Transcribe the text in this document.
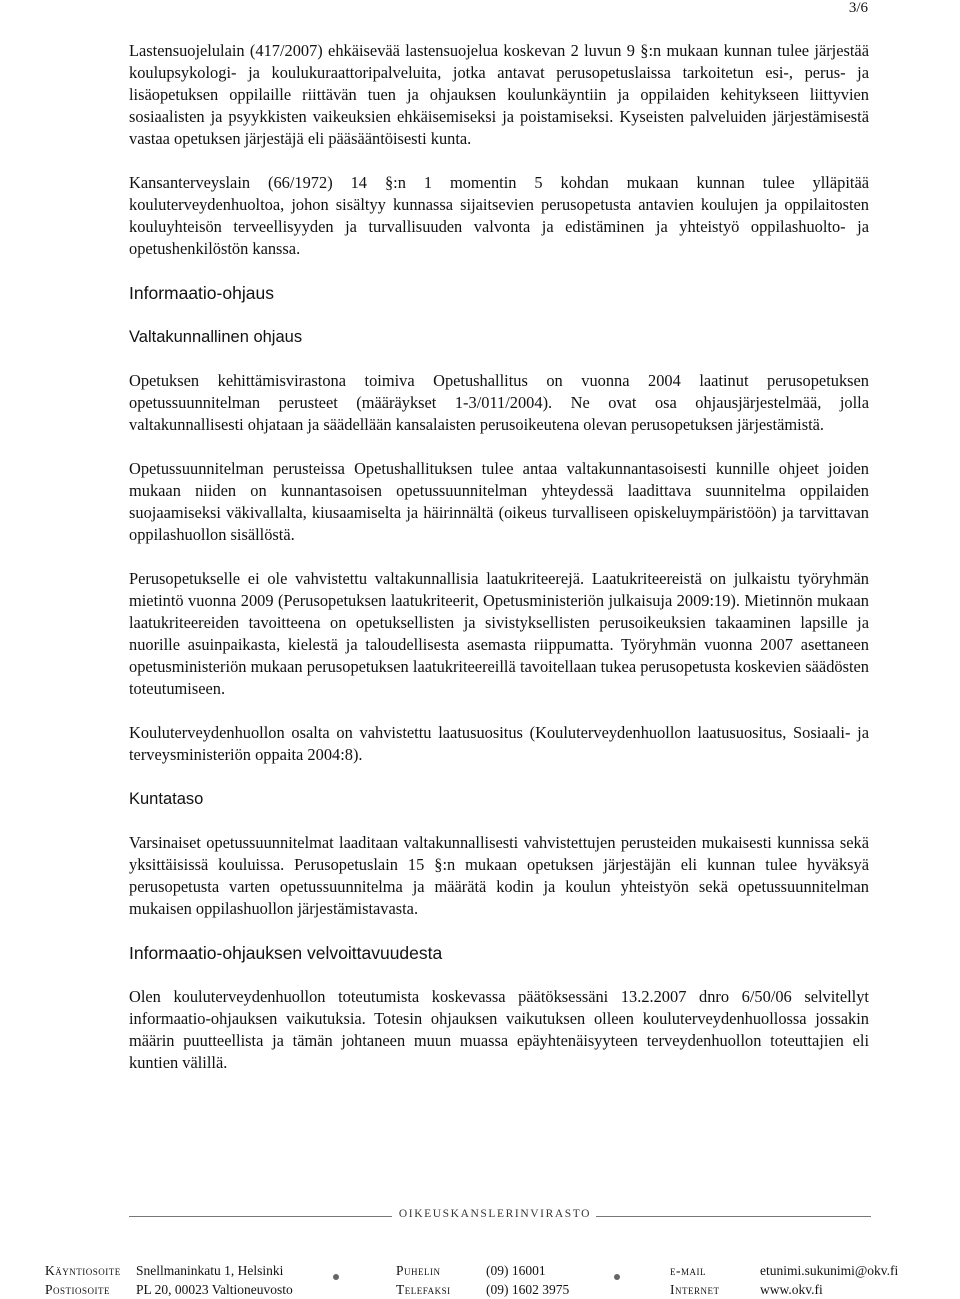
3/6

Lastensuojelulain (417/2007) ehkäisevää lastensuojelua koskevan 2 luvun 9 §:n mukaan kunnan tulee järjestää koulupsykologi- ja koulukuraattoripalveluita, jotka antavat perusopetuslaissa tarkoitetun esi-, perus- ja lisäopetuksen oppilaille riittävän tuen ja ohjauksen koulunkäyntiin ja oppilaiden kehitykseen liittyvien sosiaalisten ja psyykkisten vaikeuksien ehkäisemiseksi ja poistamiseksi. Kyseisten palveluiden järjestämisestä vastaa opetuksen järjestäjä eli pääsääntöisesti kunta.

Kansanterveyslain (66/1972) 14 §:n 1 momentin 5 kohdan mukaan kunnan tulee ylläpitää kouluterveydenhuoltoa, johon sisältyy kunnassa sijaitsevien perusopetusta antavien koulujen ja oppilaitosten kouluyhteisön terveellisyyden ja turvallisuuden valvonta ja edistäminen ja yhteistyö oppilashuolto- ja opetushenkilöstön kanssa.

Informaatio-ohjaus
Valtakunnallinen ohjaus

Opetuksen kehittämisvirastona toimiva Opetushallitus on vuonna 2004 laatinut perusopetuksen opetussuunnitelman perusteet (määräykset 1-3/011/2004). Ne ovat osa ohjausjärjestelmää, jolla valtakunnallisesti ohjataan ja säädellään kansalaisten perusoikeutena olevan perusopetuksen järjestämistä.

Opetussuunnitelman perusteissa Opetushallituksen tulee antaa valtakunnantasoisesti kunnille ohjeet joiden mukaan niiden on kunnantasoisen opetussuunnitelman yhteydessä laadittava suunnitelma oppilaiden suojaamiseksi väkivallalta, kiusaamiselta ja häirinnältä (oikeus turvalliseen opiskeluympäristöön) ja tarvittavan oppilashuollon sisällöstä.

Perusopetukselle ei ole vahvistettu valtakunnallisia laatukriteerejä. Laatukriteereistä on julkaistu työryhmän mietintö vuonna 2009 (Perusopetuksen laatukriteerit, Opetusministeriön julkaisuja 2009:19). Mietinnön mukaan laatukriteereiden tavoitteena on opetuksellisten ja sivistyksellisten perusoikeuksien takaaminen lapsille ja nuorille asuinpaikasta, kielestä ja taloudellisesta asemasta riippumatta. Työryhmän vuonna 2007 asettaneen opetusministeriön mukaan perusopetuksen laatukriteereillä tavoitellaan tukea perusopetusta koskevien säädösten toteutumiseen.

Kouluterveydenhuollon osalta on vahvistettu laatusuositus (Kouluterveydenhuollon laatusuositus, Sosiaali- ja terveysministeriön oppaita 2004:8).

Kuntataso

Varsinaiset opetussuunnitelmat laaditaan valtakunnallisesti vahvistettujen perusteiden mukaisesti kunnissa sekä yksittäisissä kouluissa. Perusopetuslain 15 §:n mukaan opetuksen järjestäjän eli kunnan tulee hyväksyä perusopetusta varten opetussuunnitelma ja määrätä kodin ja koulun yhteistyön sekä opetussuunnitelman mukaisen oppilashuollon järjestämistavasta.

Informaatio-ohjauksen velvoittavuudesta

Olen kouluterveydenhuollon toteutumista koskevassa päätöksessäni 13.2.2007 dnro 6/50/06 selvitellyt informaatio-ohjauksen vaikutuksia. Totesin ohjauksen vaikutuksen olleen kouluterveydenhuollossa jossakin määrin puutteellista ja tämän johtaneen muun muassa epäyhtenäisyyteen terveydenhuollon toteuttajien eli kuntien välillä.

OIKEUSKANSLERINVIRASTO
Käyntiosoite
Postiosoite
Snellmaninkatu 1, Helsinki
PL 20, 00023 Valtioneuvosto
Puhelin
Telefaksi
(09) 16001
(09) 1602 3975
e-mail
Internet
etunimi.sukunimi@okv.fi
www.okv.fi
